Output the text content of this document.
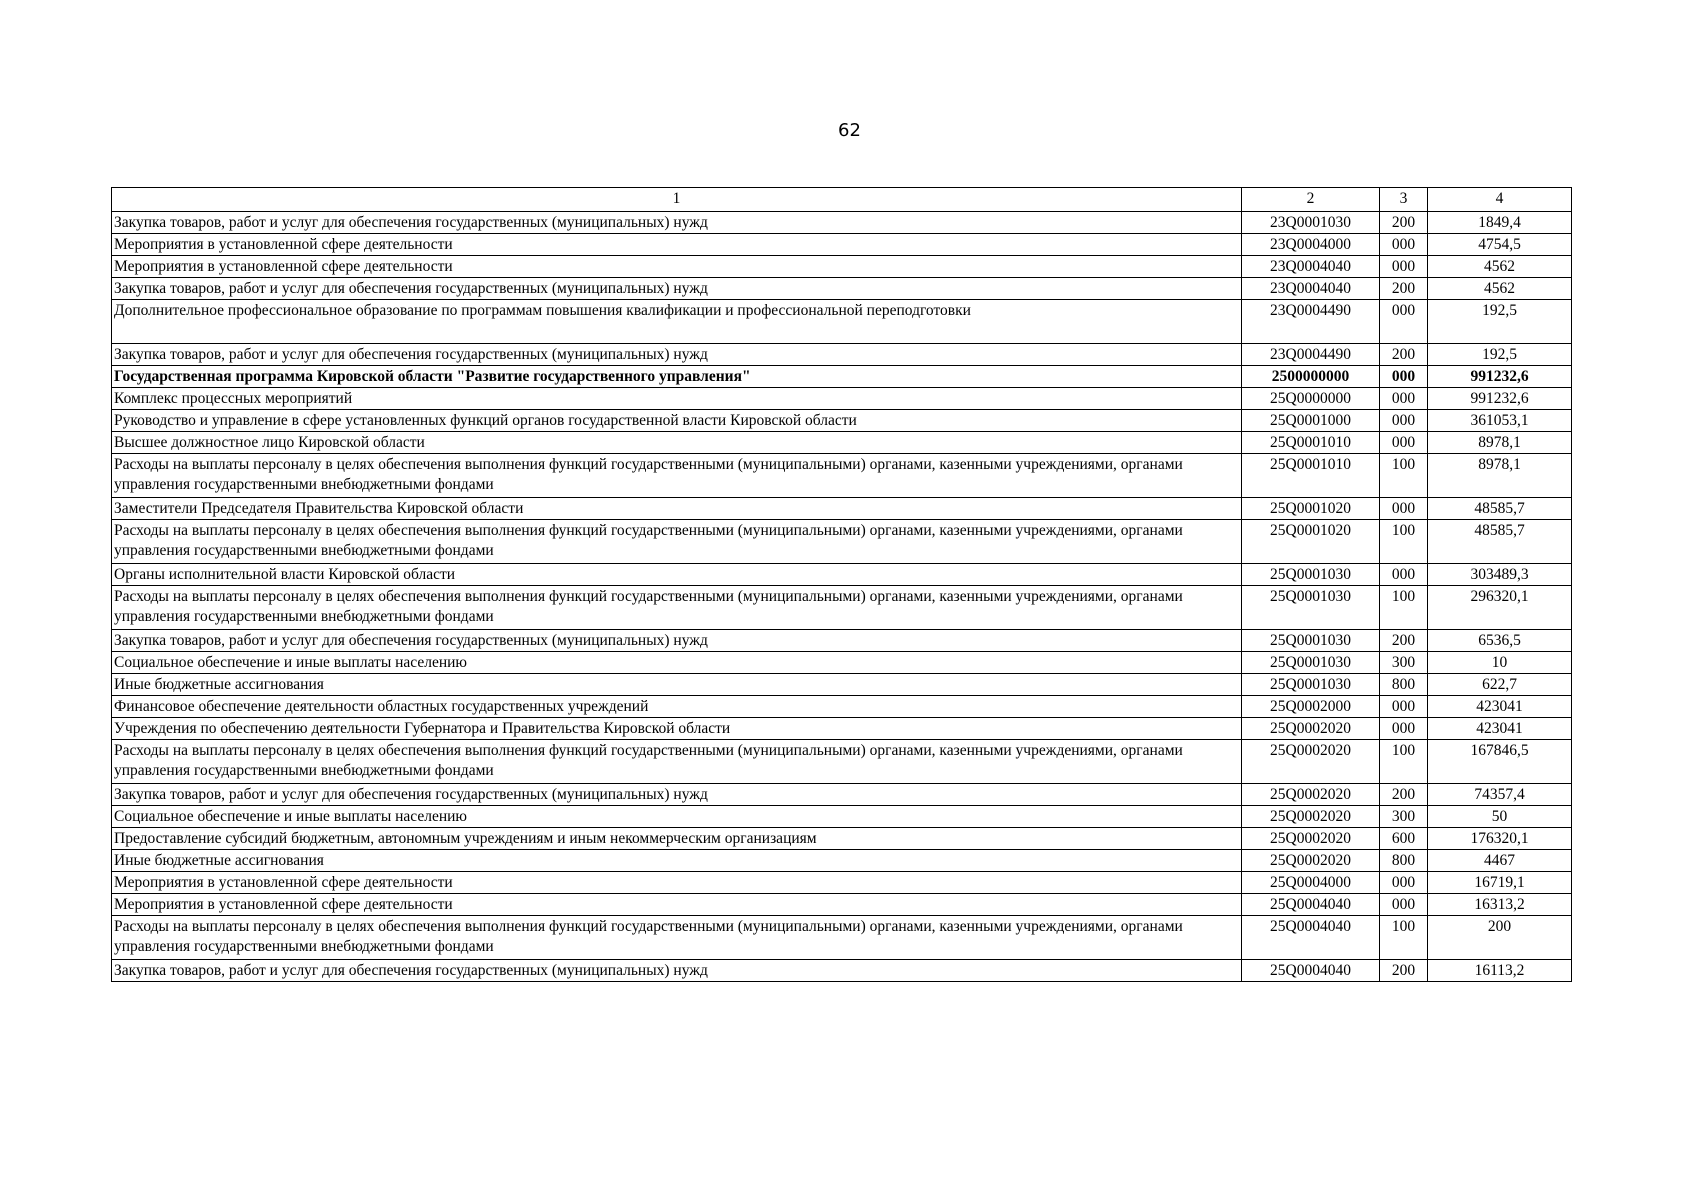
62
1	2	3	4
Закупка товаров, работ и услуг для обеспечения государственных (муниципальных) нужд	23Q0001030	200	1849,4
Мероприятия в установленной сфере деятельности	23Q0004000	000	4754,5
Мероприятия в установленной сфере деятельности	23Q0004040	000	4562
Закупка товаров, работ и услуг для обеспечения государственных (муниципальных) нужд	23Q0004040	200	4562
Дополнительное профессиональное образование по программам повышения квалификации и профессиональной переподготовки	23Q0004490	000	192,5
Закупка товаров, работ и услуг для обеспечения государственных (муниципальных) нужд	23Q0004490	200	192,5
Государственная программа Кировской области "Развитие государственного управления"	2500000000	000	991232,6
Комплекс процессных мероприятий	25Q0000000	000	991232,6
Руководство и управление в сфере установленных функций органов государственной власти Кировской области	25Q0001000	000	361053,1
Высшее должностное лицо Кировской области	25Q0001010	000	8978,1
Расходы на выплаты персоналу в целях обеспечения выполнения функций государственными (муниципальными) органами, казенными учреждениями, органами управления государственными внебюджетными фондами	25Q0001010	100	8978,1
Заместители Председателя Правительства Кировской области	25Q0001020	000	48585,7
Расходы на выплаты персоналу в целях обеспечения выполнения функций государственными (муниципальными) органами, казенными учреждениями, органами управления государственными внебюджетными фондами	25Q0001020	100	48585,7
Органы исполнительной власти Кировской области	25Q0001030	000	303489,3
Расходы на выплаты персоналу в целях обеспечения выполнения функций государственными (муниципальными) органами, казенными учреждениями, органами управления государственными внебюджетными фондами	25Q0001030	100	296320,1
Закупка товаров, работ и услуг для обеспечения государственных (муниципальных) нужд	25Q0001030	200	6536,5
Социальное обеспечение и иные выплаты населению	25Q0001030	300	10
Иные бюджетные ассигнования	25Q0001030	800	622,7
Финансовое обеспечение деятельности областных государственных учреждений	25Q0002000	000	423041
Учреждения по обеспечению деятельности Губернатора и Правительства Кировской области	25Q0002020	000	423041
Расходы на выплаты персоналу в целях обеспечения выполнения функций государственными (муниципальными) органами, казенными учреждениями, органами управления государственными внебюджетными фондами	25Q0002020	100	167846,5
Закупка товаров, работ и услуг для обеспечения государственных (муниципальных) нужд	25Q0002020	200	74357,4
Социальное обеспечение и иные выплаты населению	25Q0002020	300	50
Предоставление субсидий бюджетным, автономным учреждениям и иным некоммерческим организациям	25Q0002020	600	176320,1
Иные бюджетные ассигнования	25Q0002020	800	4467
Мероприятия в установленной сфере деятельности	25Q0004000	000	16719,1
Мероприятия в установленной сфере деятельности	25Q0004040	000	16313,2
Расходы на выплаты персоналу в целях обеспечения выполнения функций государственными (муниципальными) органами, казенными учреждениями, органами управления государственными внебюджетными фондами	25Q0004040	100	200
Закупка товаров, работ и услуг для обеспечения государственных (муниципальных) нужд	25Q0004040	200	16113,2
